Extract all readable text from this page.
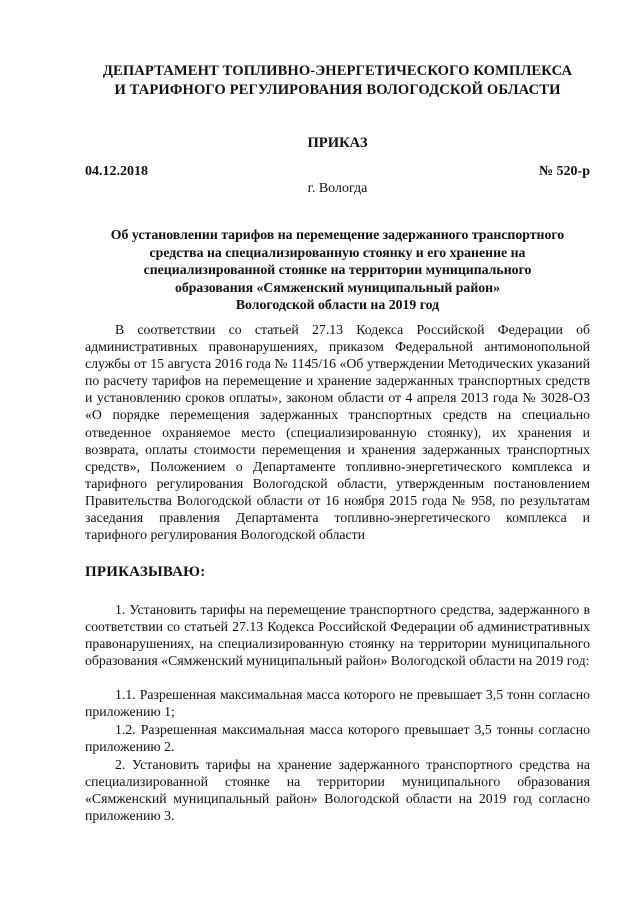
ДЕПАРТАМЕНТ ТОПЛИВНО-ЭНЕРГЕТИЧЕСКОГО КОМПЛЕКСА
И ТАРИФНОГО РЕГУЛИРОВАНИЯ ВОЛОГОДСКОЙ ОБЛАСТИ
ПРИКАЗ
04.12.2018	№ 520-р
г. Вологда
Об установлении тарифов на перемещение задержанного транспортного
средства на специализированную стоянку и его хранение на
специализированной стоянке на территории муниципального
образования «Сямженский муниципальный район»
Вологодской области на 2019 год

В соответствии со статьей 27.13 Кодекса Российской Федерации об административных правонарушениях, приказом Федеральной антимонопольной службы от 15 августа 2016 года № 1145/16 «Об утверждении Методических указаний по расчету тарифов на перемещение и хранение задержанных транспортных средств и установлению сроков оплаты», законом области от 4 апреля 2013 года № 3028-ОЗ «О порядке перемещения задержанных транспортных средств на специально отведенное охраняемое место (специализированную стоянку), их хранения и возврата, оплаты стоимости перемещения и хранения задержанных транспортных средств», Положением о Департаменте топливно-энергетического комплекса и тарифного регулирования Вологодской области, утвержденным постановлением Правительства Вологодской области от 16 ноября 2015 года № 958, по результатам заседания правления Департамента топливно-энергетического комплекса и тарифного регулирования Вологодской области

ПРИКАЗЫВАЮ:

1. Установить тарифы на перемещение транспортного средства, задержанного в соответствии со статьей 27.13 Кодекса Российской Федерации об административных правонарушениях, на специализированную стоянку на территории муниципального образования «Сямженский муниципальный район» Вологодской области на 2019 год:

1.1. Разрешенная максимальная масса которого не превышает 3,5 тонн согласно приложению 1;

1.2. Разрешенная максимальная масса которого превышает 3,5 тонны согласно приложению 2.

2. Установить тарифы на хранение задержанного транспортного средства на специализированной стоянке на территории муниципального образования «Сямженский муниципальный район» Вологодской области на 2019 год согласно приложению 3.
